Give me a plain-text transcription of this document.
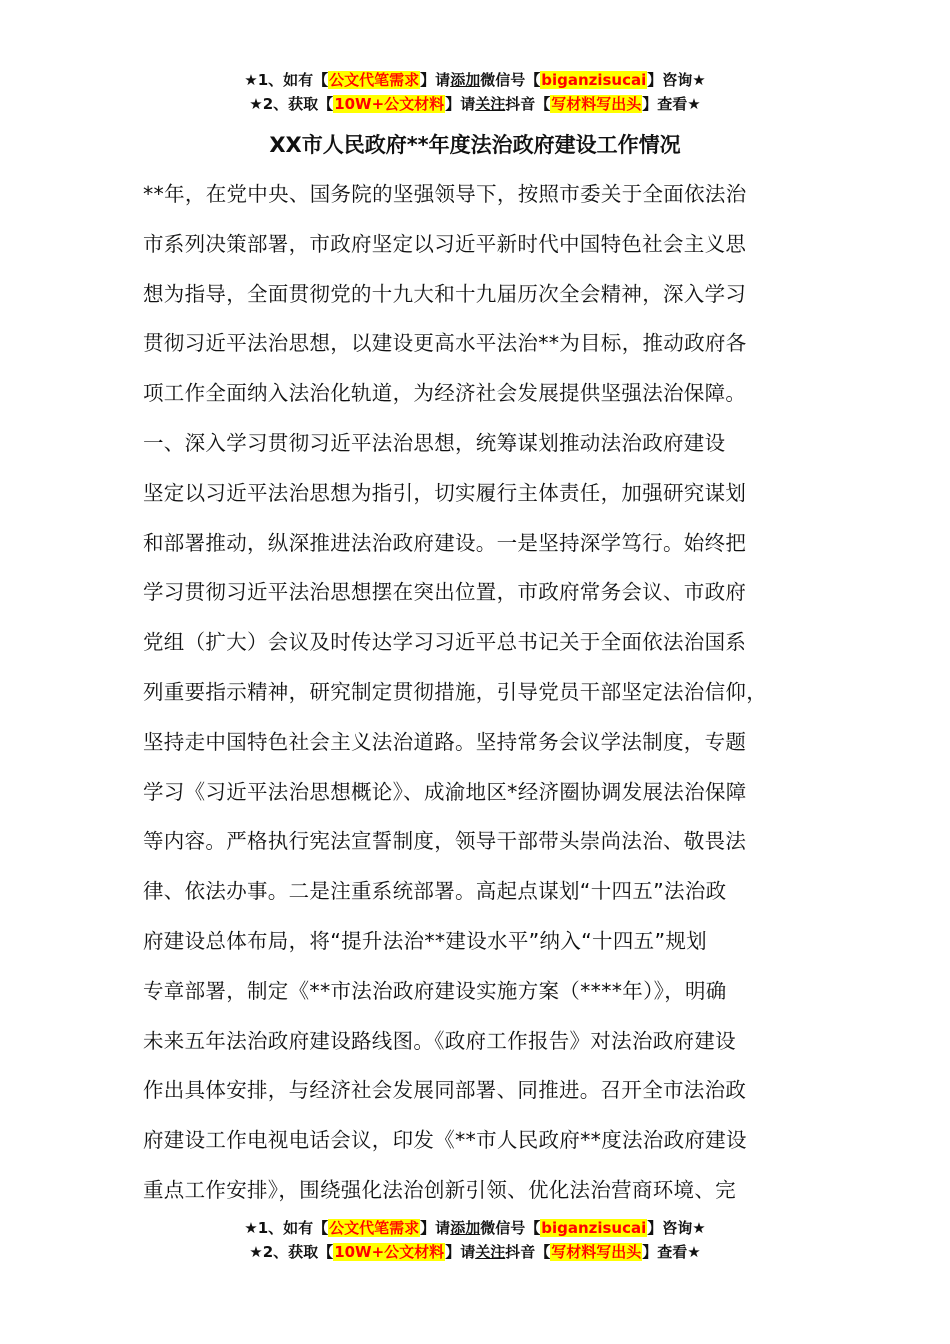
★1、如有【公文代笔需求】请添加微信号【biganzisucai】咨询★
★2、获取【10W+公文材料】请关注抖音【写材料写出头】查看★
XX市人民政府**年度法治政府建设工作情况

**年，在党中央、国务院的坚强领导下，按照市委关于全面依法治

市系列决策部署，市政府坚定以习近平新时代中国特色社会主义思

想为指导，全面贯彻党的十九大和十九届历次全会精神，深入学习

贯彻习近平法治思想，以建设更高水平法治**为目标，推动政府各

项工作全面纳入法治化轨道，为经济社会发展提供坚强法治保障。

一、深入学习贯彻习近平法治思想，统筹谋划推动法治政府建设

坚定以习近平法治思想为指引，切实履行主体责任，加强研究谋划

和部署推动，纵深推进法治政府建设。一是坚持深学笃行。始终把

学习贯彻习近平法治思想摆在突出位置，市政府常务会议、市政府

党组（扩大）会议及时传达学习习近平总书记关于全面依法治国系

列重要指示精神，研究制定贯彻措施，引导党员干部坚定法治信仰，

坚持走中国特色社会主义法治道路。坚持常务会议学法制度，专题

学习《习近平法治思想概论》、成渝地区*经济圈协调发展法治保障

等内容。严格执行宪法宣誓制度，领导干部带头崇尚法治、敬畏法

律、依法办事。二是注重系统部署。高起点谋划“十四五”法治政

府建设总体布局，将“提升法治**建设水平”纳入“十四五”规划

专章部署，制定《**市法治政府建设实施方案（****年）》，明确

未来五年法治政府建设路线图。《政府工作报告》对法治政府建设

作出具体安排，与经济社会发展同部署、同推进。召开全市法治政

府建设工作电视电话会议，印发《**市人民政府**度法治政府建设

重点工作安排》，围绕强化法治创新引领、优化法治营商环境、完

★1、如有【公文代笔需求】请添加微信号【biganzisucai】咨询★
★2、获取【10W+公文材料】请关注抖音【写材料写出头】查看★
